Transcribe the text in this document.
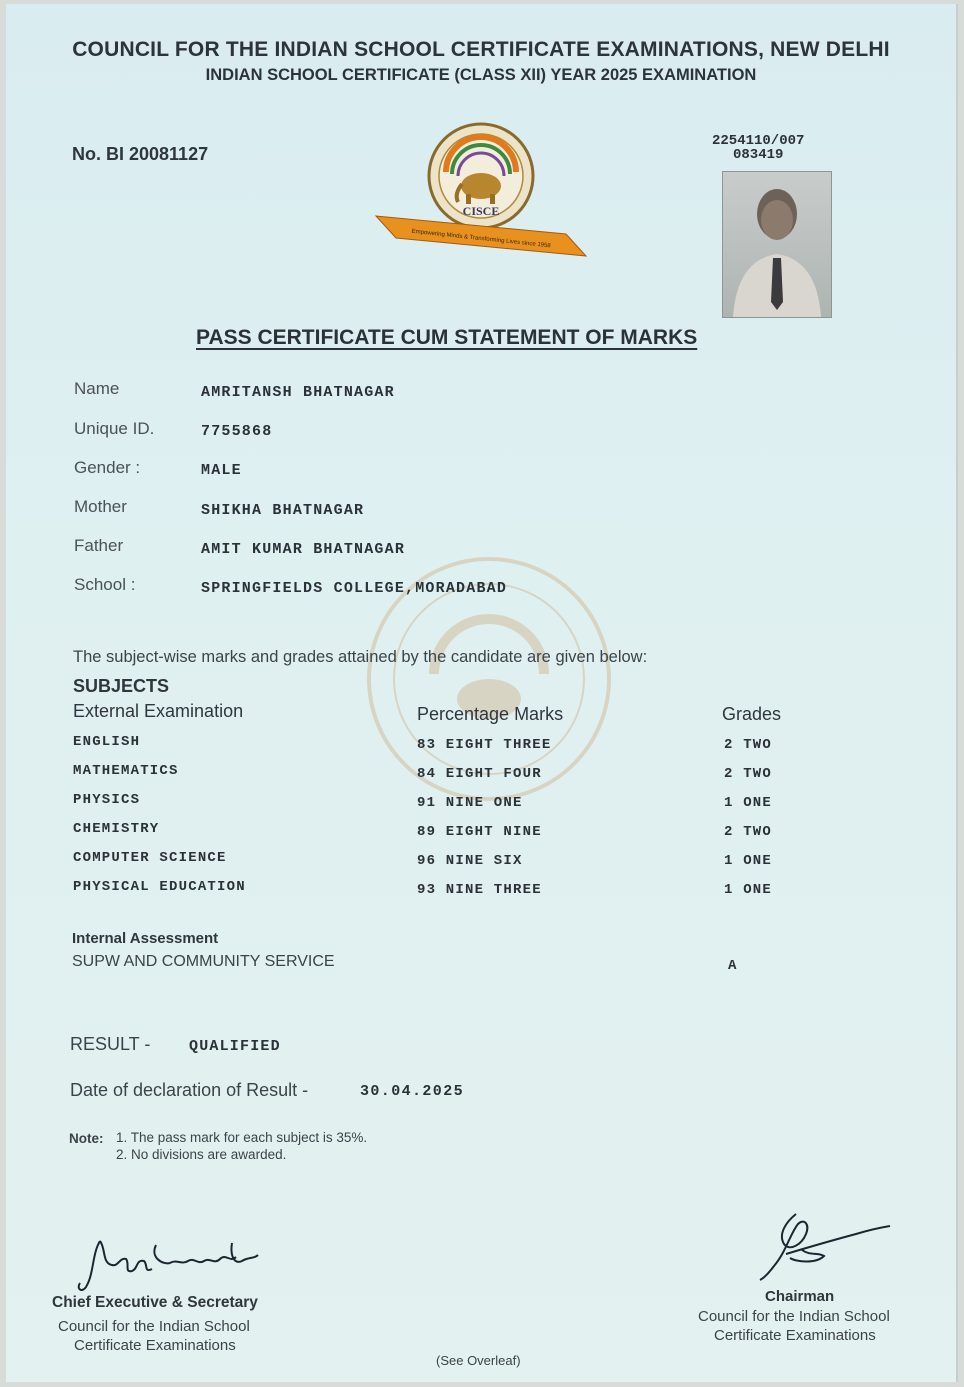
COUNCIL FOR THE INDIAN SCHOOL CERTIFICATE EXAMINATIONS, NEW DELHI
INDIAN SCHOOL CERTIFICATE (CLASS XII) YEAR 2025 EXAMINATION
No. BI 20081127
2254110/007
083419
CISCE
Empowering Minds & Transforming Lives since 1958
PASS CERTIFICATE CUM STATEMENT OF MARKS
Name	AMRITANSH BHATNAGAR
Unique ID.	7755868
Gender :	MALE
Mother	SHIKHA BHATNAGAR
Father	AMIT KUMAR BHATNAGAR
School :	SPRINGFIELDS COLLEGE,MORADABAD
The subject-wise marks and grades attained by the candidate are given below:
SUBJECTS
External Examination	Percentage Marks	Grades
ENGLISH	83 EIGHT THREE	2 TWO
MATHEMATICS	84 EIGHT FOUR	2 TWO
PHYSICS	91 NINE ONE	1 ONE
CHEMISTRY	89 EIGHT NINE	2 TWO
COMPUTER SCIENCE	96 NINE SIX	1 ONE
PHYSICAL EDUCATION	93 NINE THREE	1 ONE
Internal Assessment
SUPW AND COMMUNITY SERVICE	A
RESULT -	QUALIFIED
Date of declaration of Result -	30.04.2025
Note: 1. The pass mark for each subject is 35%.
2. No divisions are awarded.
Chief Executive & Secretary
Council for the Indian School
Certificate Examinations
Chairman
Council for the Indian School
Certificate Examinations
(See Overleaf)
